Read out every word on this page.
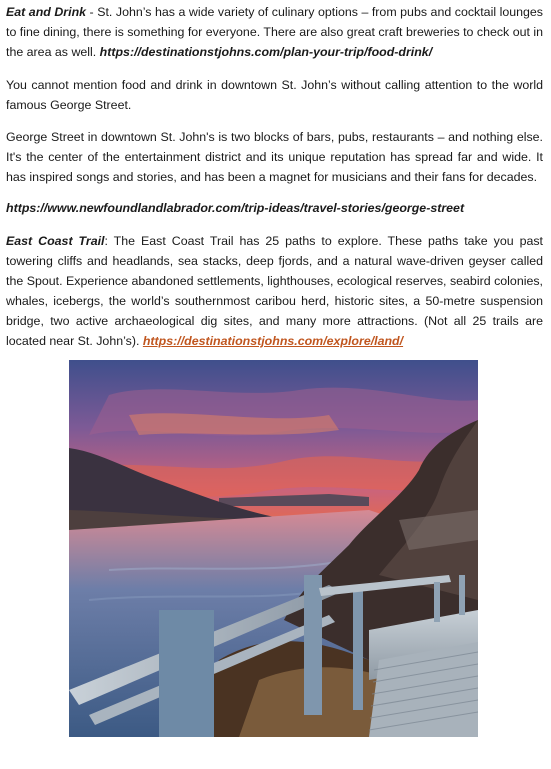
Eat and Drink - St. John’s has a wide variety of culinary options – from pubs and cocktail lounges to fine dining, there is something for everyone. There are also great craft breweries to check out in the area as well. https://destinationstjohns.com/plan-your-trip/food-drink/

You cannot mention food and drink in downtown St. John’s without calling attention to the world famous George Street.

George Street in downtown St. John's is two blocks of bars, pubs, restaurants – and nothing else. It's the center of the entertainment district and its unique reputation has spread far and wide. It has inspired songs and stories, and has been a magnet for musicians and their fans for decades.

https://www.newfoundlandlabrador.com/trip-ideas/travel-stories/george-street

East Coast Trail: The East Coast Trail has 25 paths to explore. These paths take you past towering cliffs and headlands, sea stacks, deep fjords, and a natural wave-driven geyser called the Spout. Experience abandoned settlements, lighthouses, ecological reserves, seabird colonies, whales, icebergs, the world’s southernmost caribou herd, historic sites, a 50-metre suspension bridge, two active archaeological dig sites, and many more attractions. (Not all 25 trails are located near St. John’s). https://destinationstjohns.com/explore/land/
